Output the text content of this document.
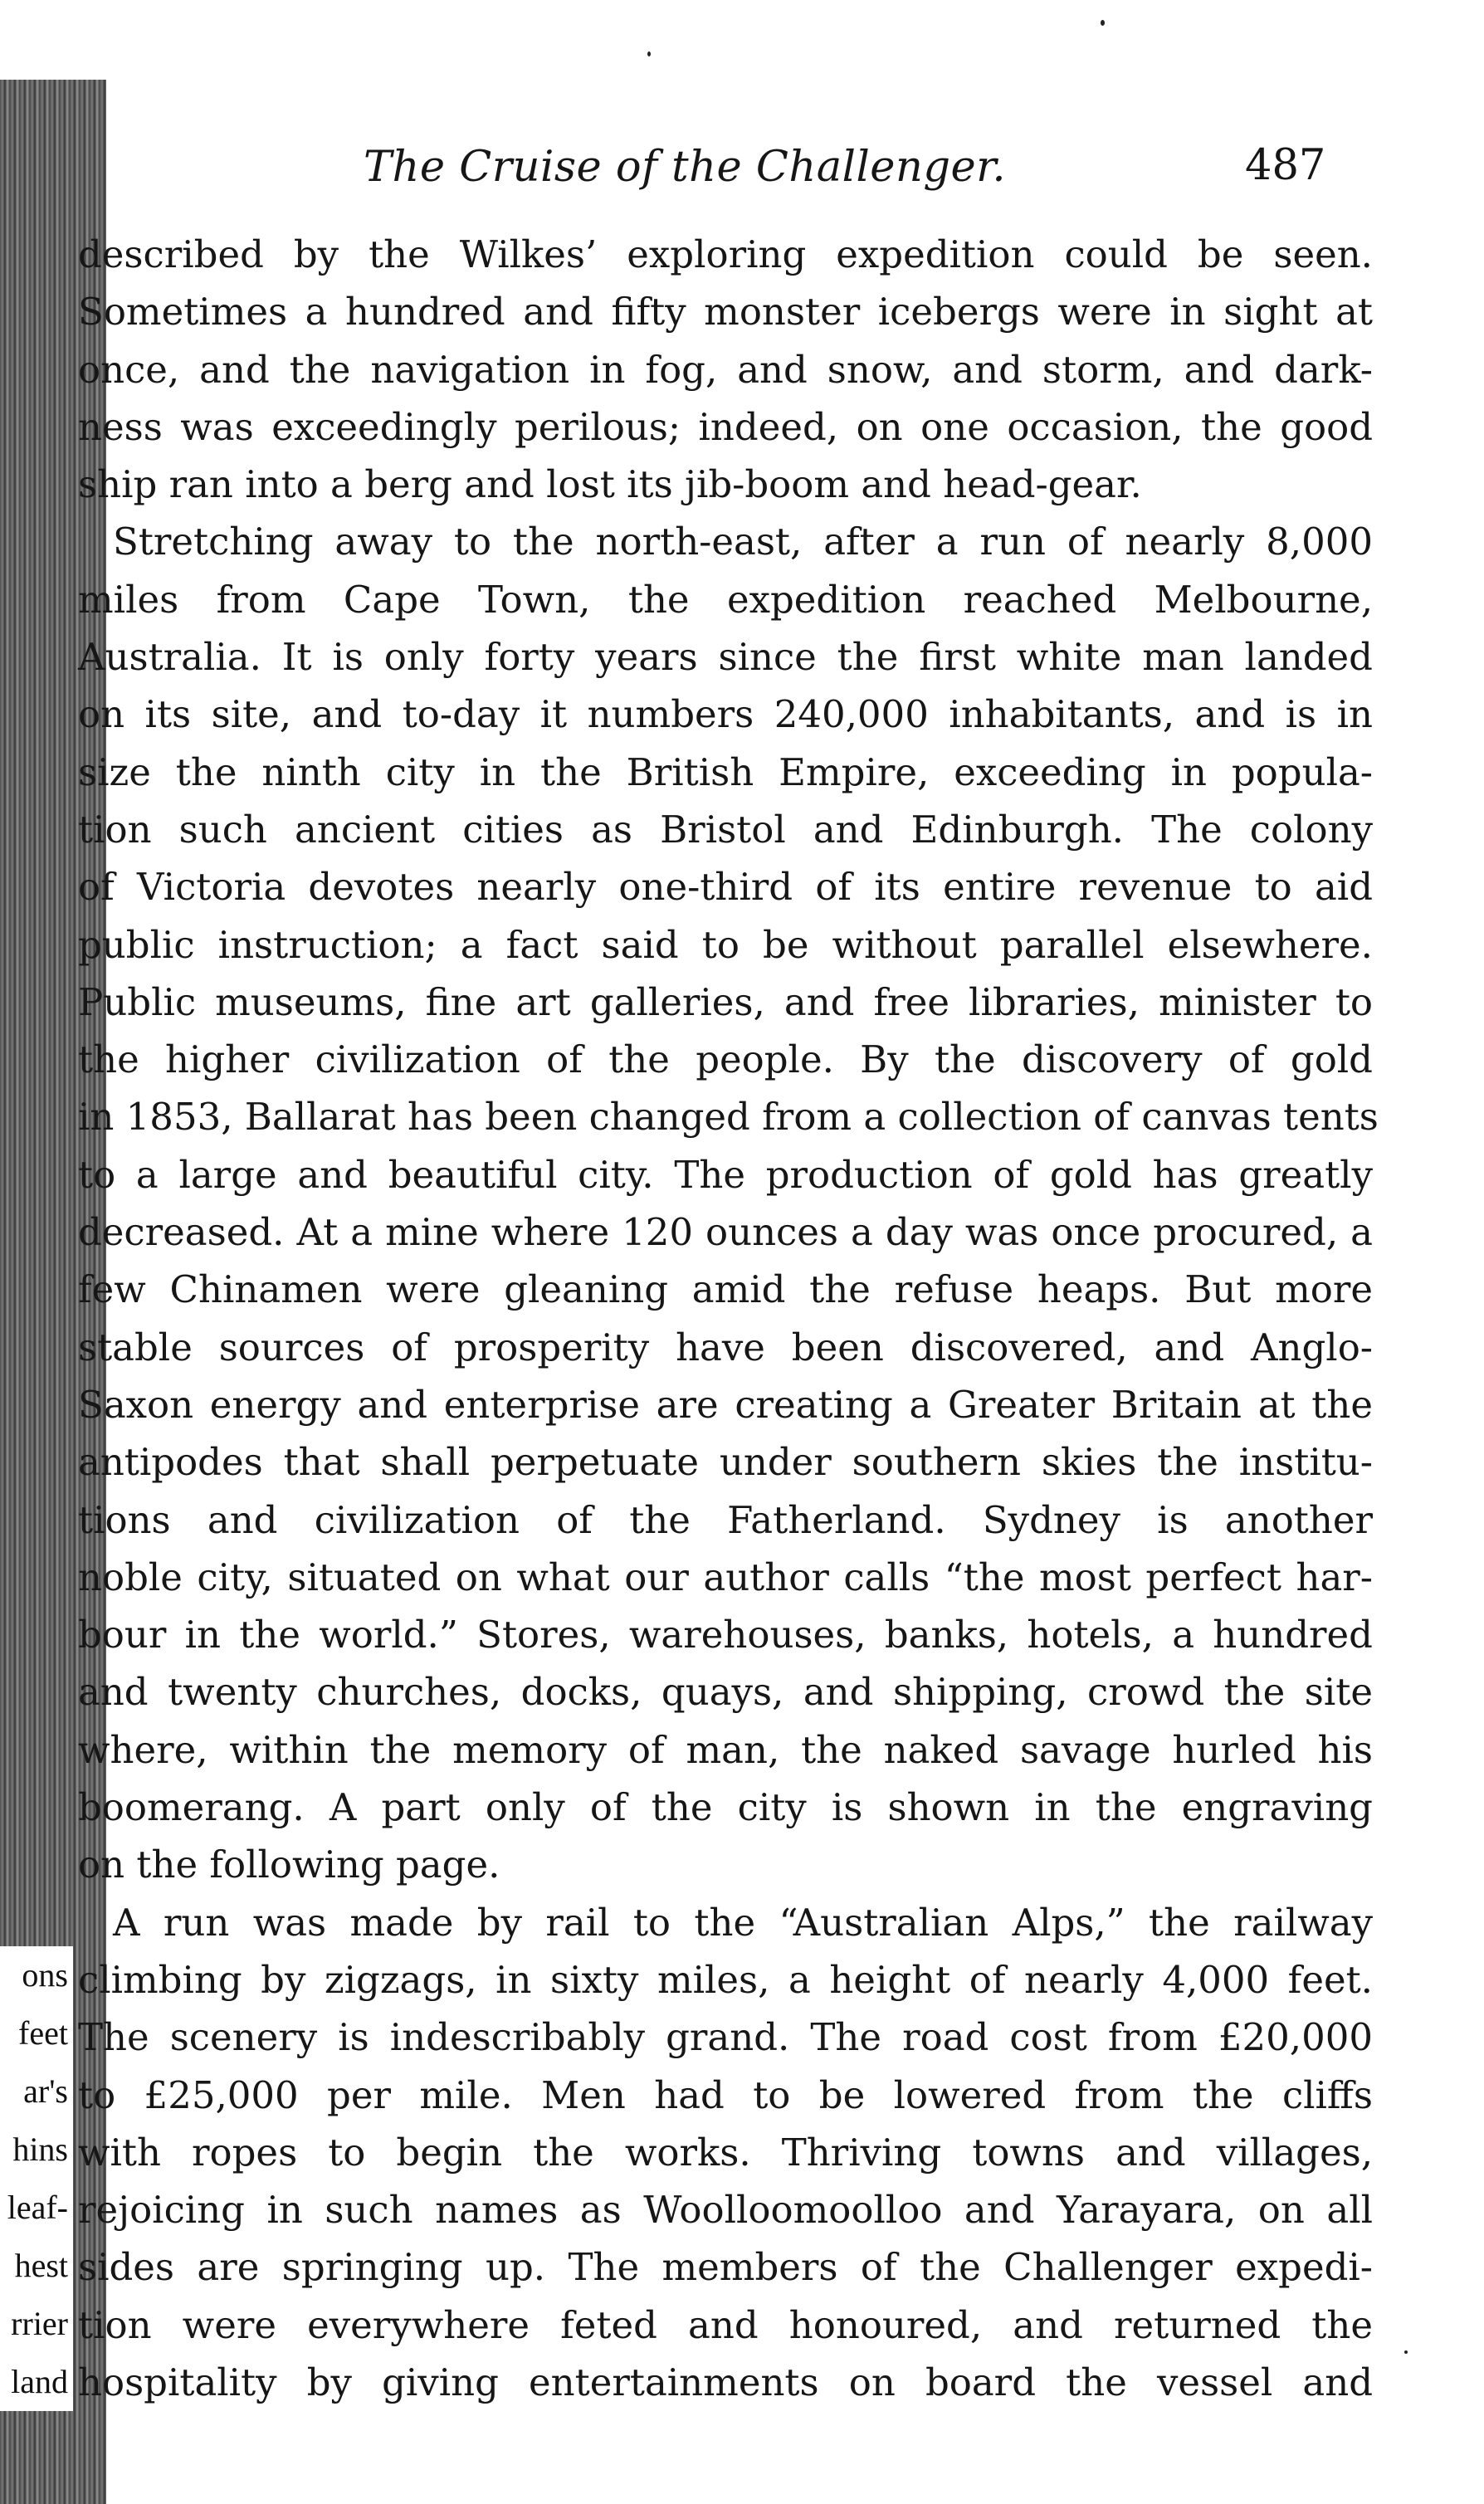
ons
feet
ar's
hins
leaf-
hest
rrier
land
The Cruise of the Challenger.	487
described by the Wilkes’ exploring expedition could be seen.
Sometimes a hundred and fifty monster icebergs were in sight at
once, and the navigation in fog, and snow, and storm, and dark-
ness was exceedingly perilous; indeed, on one occasion, the good
ship ran into a berg and lost its jib-boom and head-gear.
Stretching away to the north-east, after a run of nearly 8,000
miles from Cape Town, the expedition reached Melbourne,
Australia. It is only forty years since the first white man landed
on its site, and to-day it numbers 240,000 inhabitants, and is in
size the ninth city in the British Empire, exceeding in popula-
tion such ancient cities as Bristol and Edinburgh. The colony
of Victoria devotes nearly one-third of its entire revenue to aid
public instruction; a fact said to be without parallel elsewhere.
Public museums, fine art galleries, and free libraries, minister to
the higher civilization of the people. By the discovery of gold
in 1853, Ballarat has been changed from a collection of canvas tents
to a large and beautiful city. The production of gold has greatly
decreased. At a mine where 120 ounces a day was once procured, a
few Chinamen were gleaning amid the refuse heaps. But more
stable sources of prosperity have been discovered, and Anglo-
Saxon energy and enterprise are creating a Greater Britain at the
antipodes that shall perpetuate under southern skies the institu-
tions and civilization of the Fatherland. Sydney is another
noble city, situated on what our author calls “the most perfect har-
bour in the world.” Stores, warehouses, banks, hotels, a hundred
and twenty churches, docks, quays, and shipping, crowd the site
where, within the memory of man, the naked savage hurled his
boomerang. A part only of the city is shown in the engraving
on the following page.
A run was made by rail to the “Australian Alps,” the railway
climbing by zigzags, in sixty miles, a height of nearly 4,000 feet.
The scenery is indescribably grand. The road cost from £20,000
to £25,000 per mile. Men had to be lowered from the cliffs
with ropes to begin the works. Thriving towns and villages,
rejoicing in such names as Woolloomoolloo and Yarayara, on all
sides are springing up. The members of the Challenger expedi-
tion were everywhere feted and honoured, and returned the
hospitality by giving entertainments on board the vessel and
